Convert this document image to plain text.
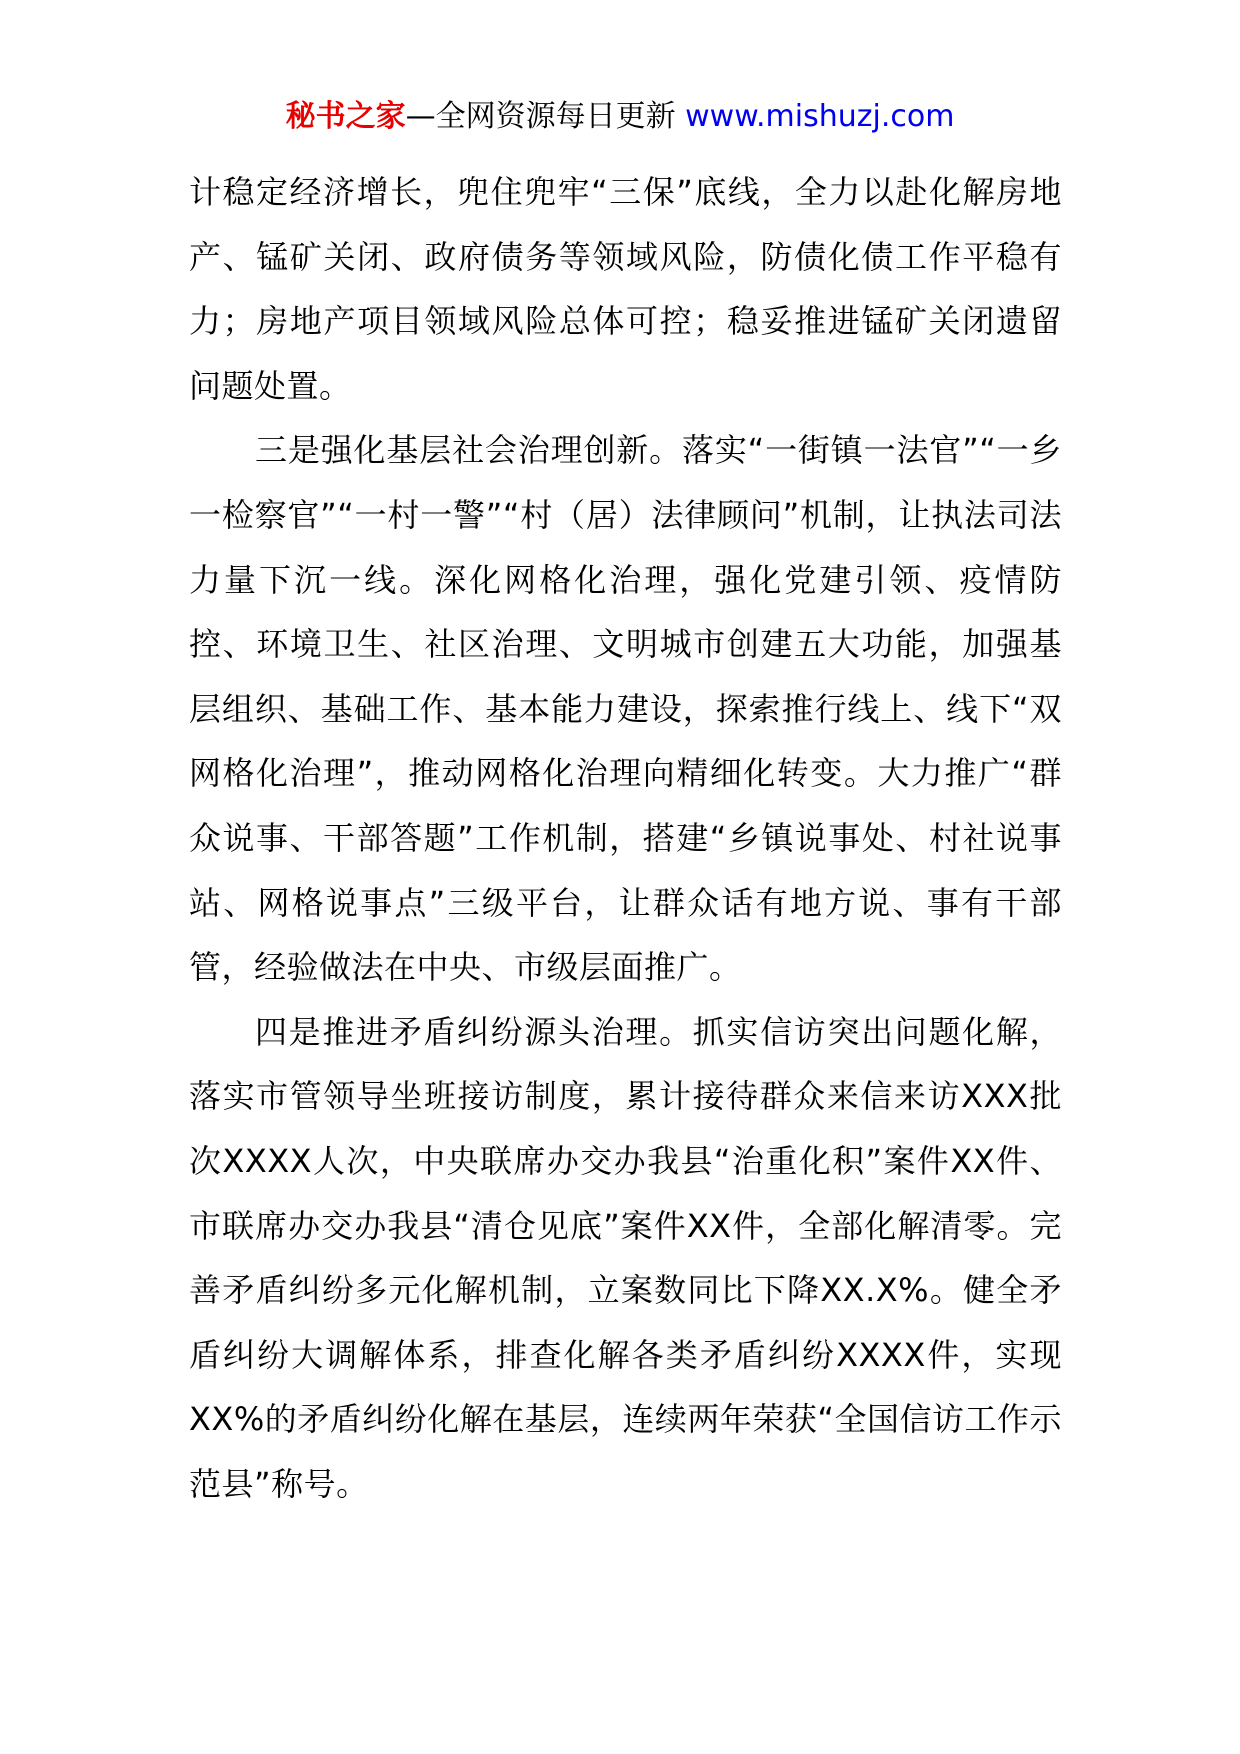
秘书之家—全网资源每日更新 www.mishuzj.com

计稳定经济增长，兜住兜牢“三保”底线，全力以赴化解房地产、锰矿关闭、政府债务等领域风险，防债化债工作平稳有力；房地产项目领域风险总体可控；稳妥推进锰矿关闭遗留问题处置。

三是强化基层社会治理创新。落实“一街镇一法官”“一乡一检察官”“一村一警”“村（居）法律顾问”机制，让执法司法力量下沉一线。深化网格化治理，强化党建引领、疫情防控、环境卫生、社区治理、文明城市创建五大功能，加强基层组织、基础工作、基本能力建设，探索推行线上、线下“双网格化治理”，推动网格化治理向精细化转变。大力推广“群众说事、干部答题”工作机制，搭建“乡镇说事处、村社说事站、网格说事点”三级平台，让群众话有地方说、事有干部管，经验做法在中央、市级层面推广。

四是推进矛盾纠纷源头治理。抓实信访突出问题化解，落实市管领导坐班接访制度，累计接待群众来信来访XXX批次XXXX人次，中央联席办交办我县“治重化积”案件XX件、市联席办交办我县“清仓见底”案件XX件，全部化解清零。完善矛盾纠纷多元化解机制，立案数同比下降XX.X%。健全矛盾纠纷大调解体系，排查化解各类矛盾纠纷XXXX件，实现XX%的矛盾纠纷化解在基层，连续两年荣获“全国信访工作示范县”称号。
